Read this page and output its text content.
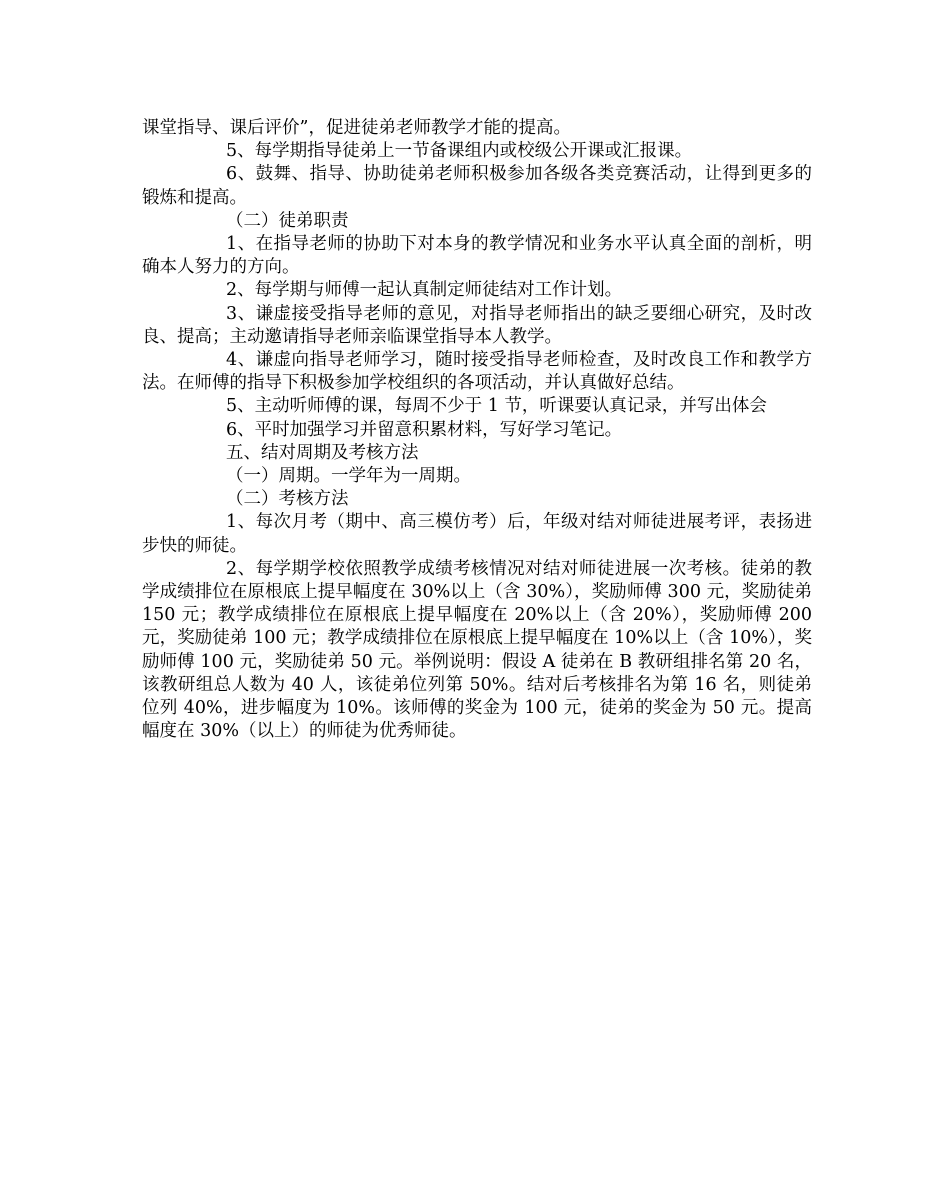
课堂指导、课后评价”，促进徒弟老师教学才能的提高。

5、每学期指导徒弟上一节备课组内或校级公开课或汇报课。

6、鼓舞、指导、协助徒弟老师积极参加各级各类竞赛活动，让得到更多的锻炼和提高。

（二）徒弟职责

1、在指导老师的协助下对本身的教学情况和业务水平认真全面的剖析，明确本人努力的方向。

2、每学期与师傅一起认真制定师徒结对工作计划。

3、谦虚接受指导老师的意见，对指导老师指出的缺乏要细心研究，及时改良、提高；主动邀请指导老师亲临课堂指导本人教学。

4、谦虚向指导老师学习，随时接受指导老师检查，及时改良工作和教学方法。在师傅的指导下积极参加学校组织的各项活动，并认真做好总结。

5、主动听师傅的课，每周不少于 1 节，听课要认真记录，并写出体会

6、平时加强学习并留意积累材料，写好学习笔记。

五、结对周期及考核方法

（一）周期。一学年为一周期。

（二）考核方法

1、每次月考（期中、高三模仿考）后，年级对结对师徒进展考评，表扬进步快的师徒。

2、每学期学校依照教学成绩考核情况对结对师徒进展一次考核。徒弟的教学成绩排位在原根底上提早幅度在 30%以上（含 30%），奖励师傅 300 元，奖励徒弟 150 元；教学成绩排位在原根底上提早幅度在 20%以上（含 20%），奖励师傅 200 元，奖励徒弟 100 元；教学成绩排位在原根底上提早幅度在 10%以上（含 10%），奖励师傅 100 元，奖励徒弟 50 元。举例说明：假设 A 徒弟在 B 教研组排名第 20 名，该教研组总人数为 40 人，该徒弟位列第 50%。结对后考核排名为第 16 名，则徒弟位列 40%，进步幅度为 10%。该师傅的奖金为 100 元，徒弟的奖金为 50 元。提高幅度在 30%（以上）的师徒为优秀师徒。
